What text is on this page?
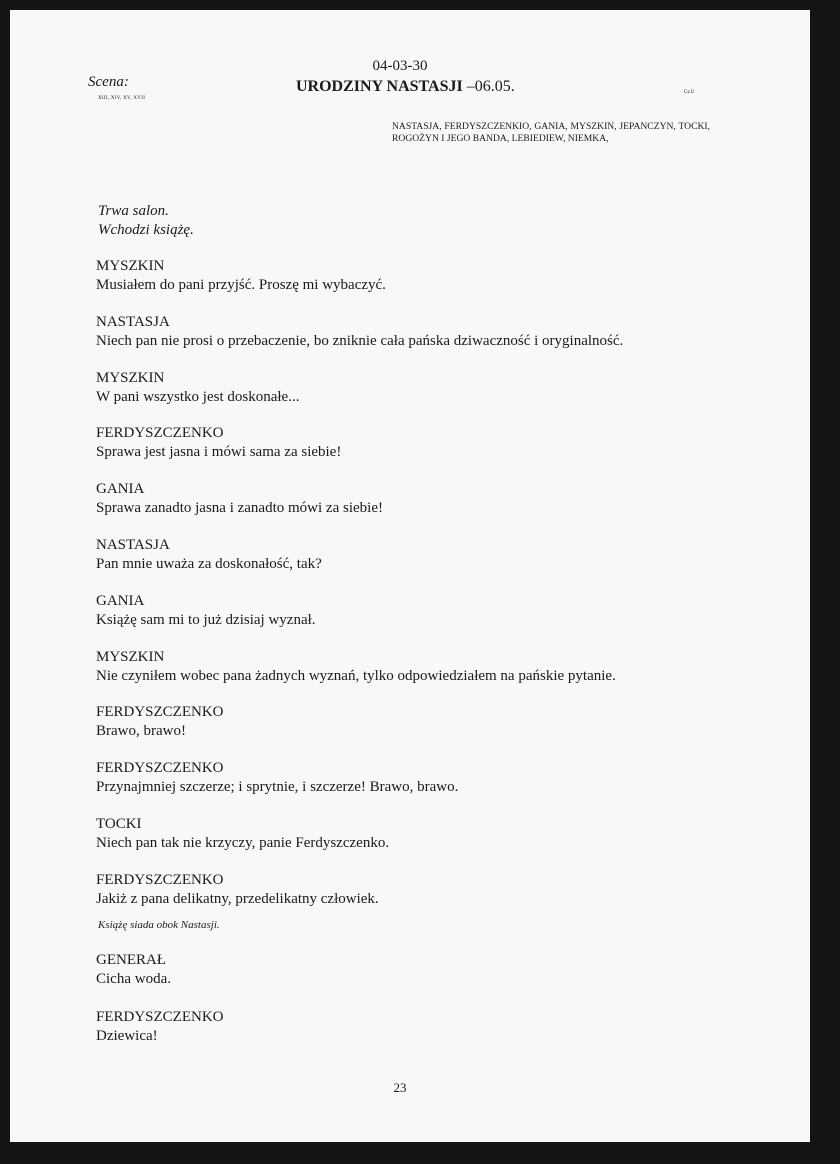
Scena:
XIII, XIV, XV, XVII
04-03-30
URODZINY NASTASJI –06.05.	Cz.U
NASTASJA, FERDYSZCZENKIO, GANIA, MYSZKIN, JEPANCZYN, TOCKI, ROGOŻYN I JEGO BANDA, LEBIEDIEW, NIEMKA,
Trwa salon.
Wchodzi książę.
MYSZKIN
Musiałem do pani przyjść. Proszę mi wybaczyć.
NASTASJA
Niech pan nie prosi o przebaczenie, bo zniknie cała pańska dziwaczność i oryginalność.
MYSZKIN
W pani wszystko jest doskonałe...
FERDYSZCZENKO
Sprawa jest jasna i mówi sama za siebie!
GANIA
Sprawa zanadto jasna i zanadto mówi za siebie!
NASTASJA
Pan mnie uważa za doskonałość, tak?
GANIA
Książę sam mi to już dzisiaj wyznał.
MYSZKIN
Nie czyniłem wobec pana żadnych wyznań, tylko odpowiedziałem na pańskie pytanie.
FERDYSZCZENKO
Brawo, brawo!
FERDYSZCZENKO
Przynajmniej szczerze; i sprytnie, i szczerze! Brawo, brawo.
TOCKI
Niech pan tak nie krzyczy, panie Ferdyszczenko.
FERDYSZCZENKO
Jakiż z pana delikatny, przedelikatny człowiek.
Książę siada obok Nastasji.
GENERAŁ
Cicha woda.
FERDYSZCZENKO
Dziewica!
23
